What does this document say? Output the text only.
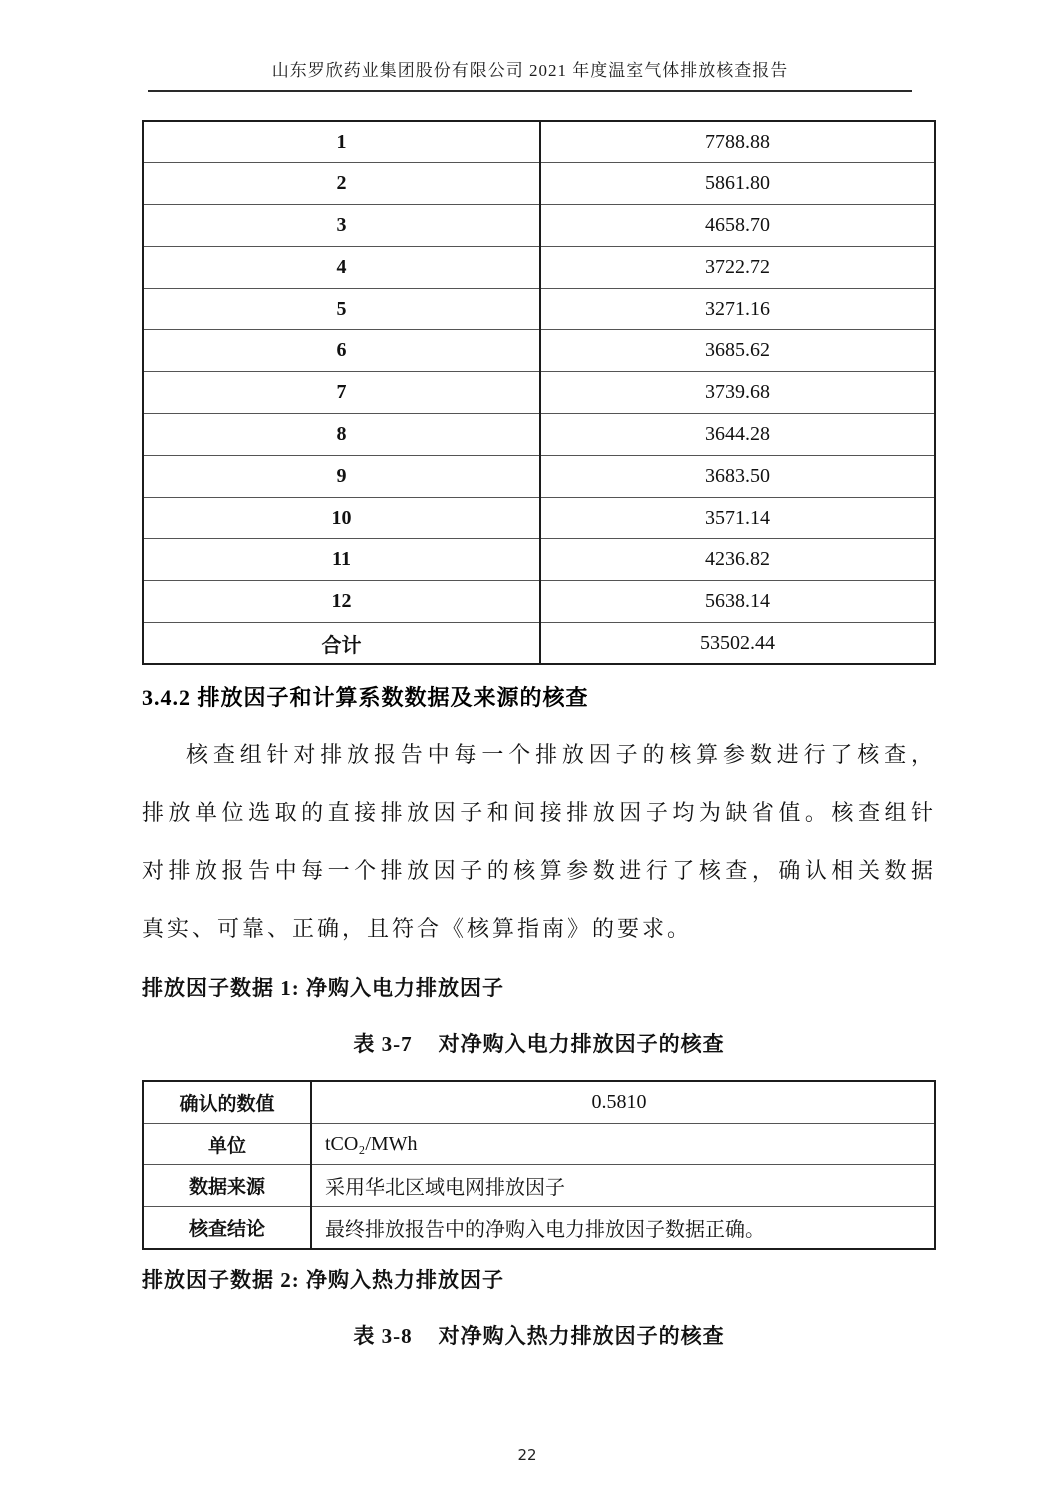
山东罗欣药业集团股份有限公司 2021 年度温室气体排放核查报告
1	7788.88
2	5861.80
3	4658.70
4	3722.72
5	3271.16
6	3685.62
7	3739.68
8	3644.28
9	3683.50
10	3571.14
11	4236.82
12	5638.14
合计	53502.44
3.4.2 排放因子和计算系数数据及来源的核查
核查组针对排放报告中每一个排放因子的核算参数进行了核查，
排放单位选取的直接排放因子和间接排放因子均为缺省值。核查组针
对排放报告中每一个排放因子的核算参数进行了核查，确认相关数据
真实、可靠、正确，且符合《核算指南》的要求。
排放因子数据 1: 净购入电力排放因子
表 3-7 对净购入电力排放因子的核查
确认的数值	0.5810
单位	tCO₂/MWh
数据来源	采用华北区域电网排放因子
核查结论	最终排放报告中的净购入电力排放因子数据正确。
排放因子数据 2: 净购入热力排放因子
表 3-8 对净购入热力排放因子的核查
22
